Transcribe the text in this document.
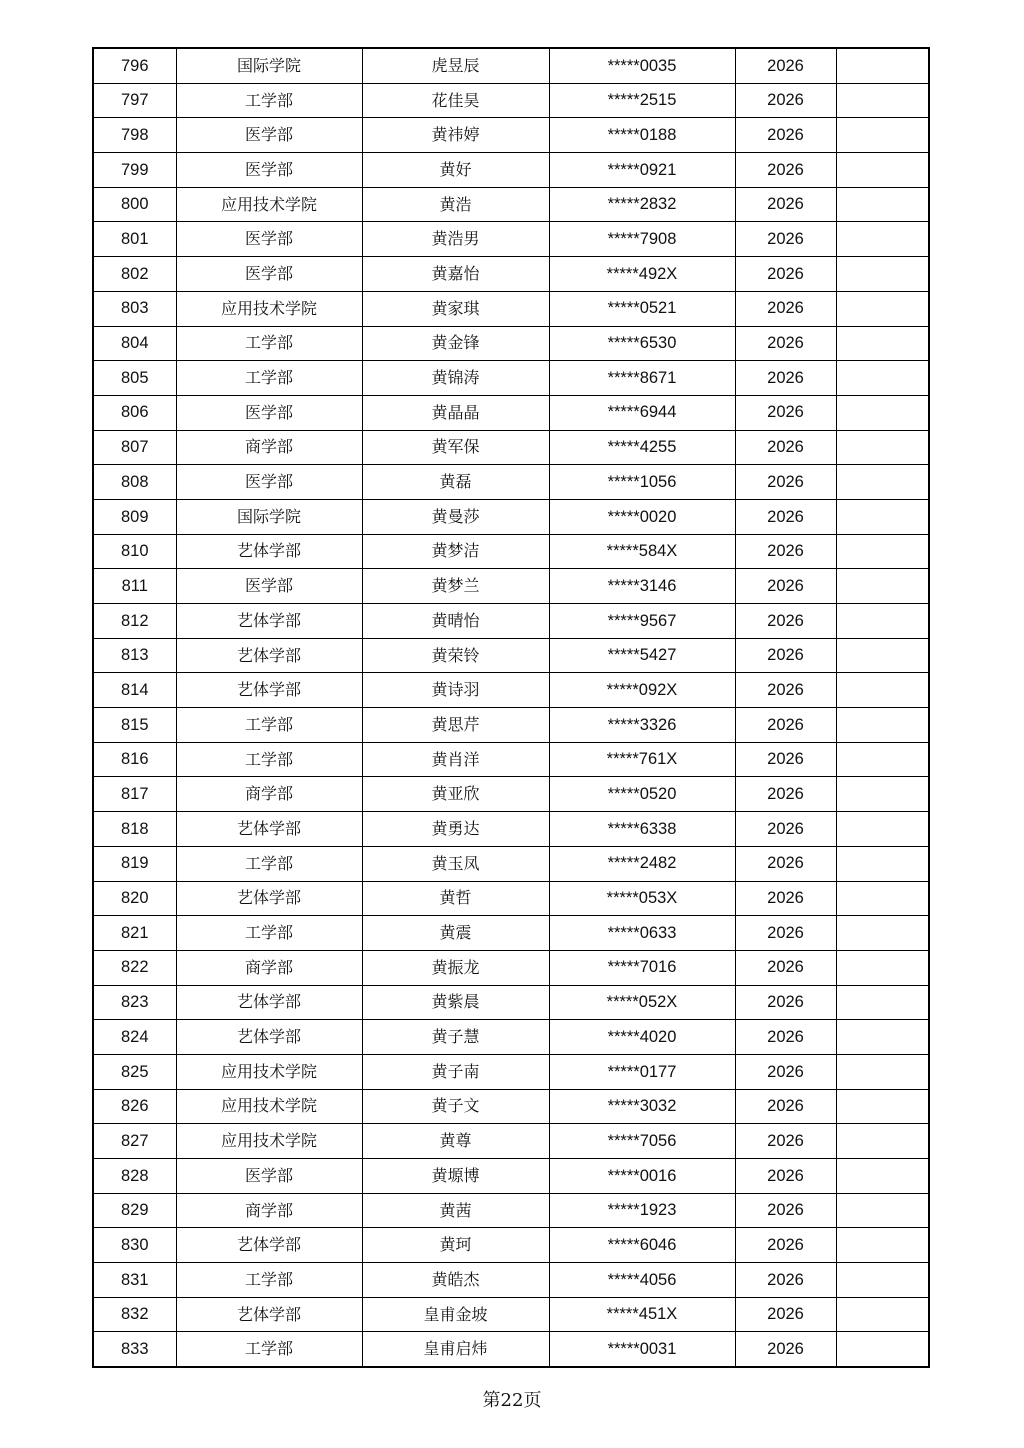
796	国际学院	虎昱辰	*****0035	2026	
797	工学部	花佳昊	*****2515	2026	
798	医学部	黄祎婷	*****0188	2026	
799	医学部	黄好	*****0921	2026	
800	应用技术学院	黄浩	*****2832	2026	
801	医学部	黄浩男	*****7908	2026	
802	医学部	黄嘉怡	*****492X	2026	
803	应用技术学院	黄家琪	*****0521	2026	
804	工学部	黄金锋	*****6530	2026	
805	工学部	黄锦涛	*****8671	2026	
806	医学部	黄晶晶	*****6944	2026	
807	商学部	黄军保	*****4255	2026	
808	医学部	黄磊	*****1056	2026	
809	国际学院	黄曼莎	*****0020	2026	
810	艺体学部	黄梦洁	*****584X	2026	
811	医学部	黄梦兰	*****3146	2026	
812	艺体学部	黄晴怡	*****9567	2026	
813	艺体学部	黄荣铃	*****5427	2026	
814	艺体学部	黄诗羽	*****092X	2026	
815	工学部	黄思芹	*****3326	2026	
816	工学部	黄肖洋	*****761X	2026	
817	商学部	黄亚欣	*****0520	2026	
818	艺体学部	黄勇达	*****6338	2026	
819	工学部	黄玉凤	*****2482	2026	
820	艺体学部	黄哲	*****053X	2026	
821	工学部	黄震	*****0633	2026	
822	商学部	黄振龙	*****7016	2026	
823	艺体学部	黄紫晨	*****052X	2026	
824	艺体学部	黄子慧	*****4020	2026	
825	应用技术学院	黄子南	*****0177	2026	
826	应用技术学院	黄子文	*****3032	2026	
827	应用技术学院	黄尊	*****7056	2026	
828	医学部	黄塬博	*****0016	2026	
829	商学部	黄茜	*****1923	2026	
830	艺体学部	黄珂	*****6046	2026	
831	工学部	黄皓杰	*****4056	2026	
832	艺体学部	皇甫金坡	*****451X	2026	
833	工学部	皇甫启炜	*****0031	2026	
第22页
